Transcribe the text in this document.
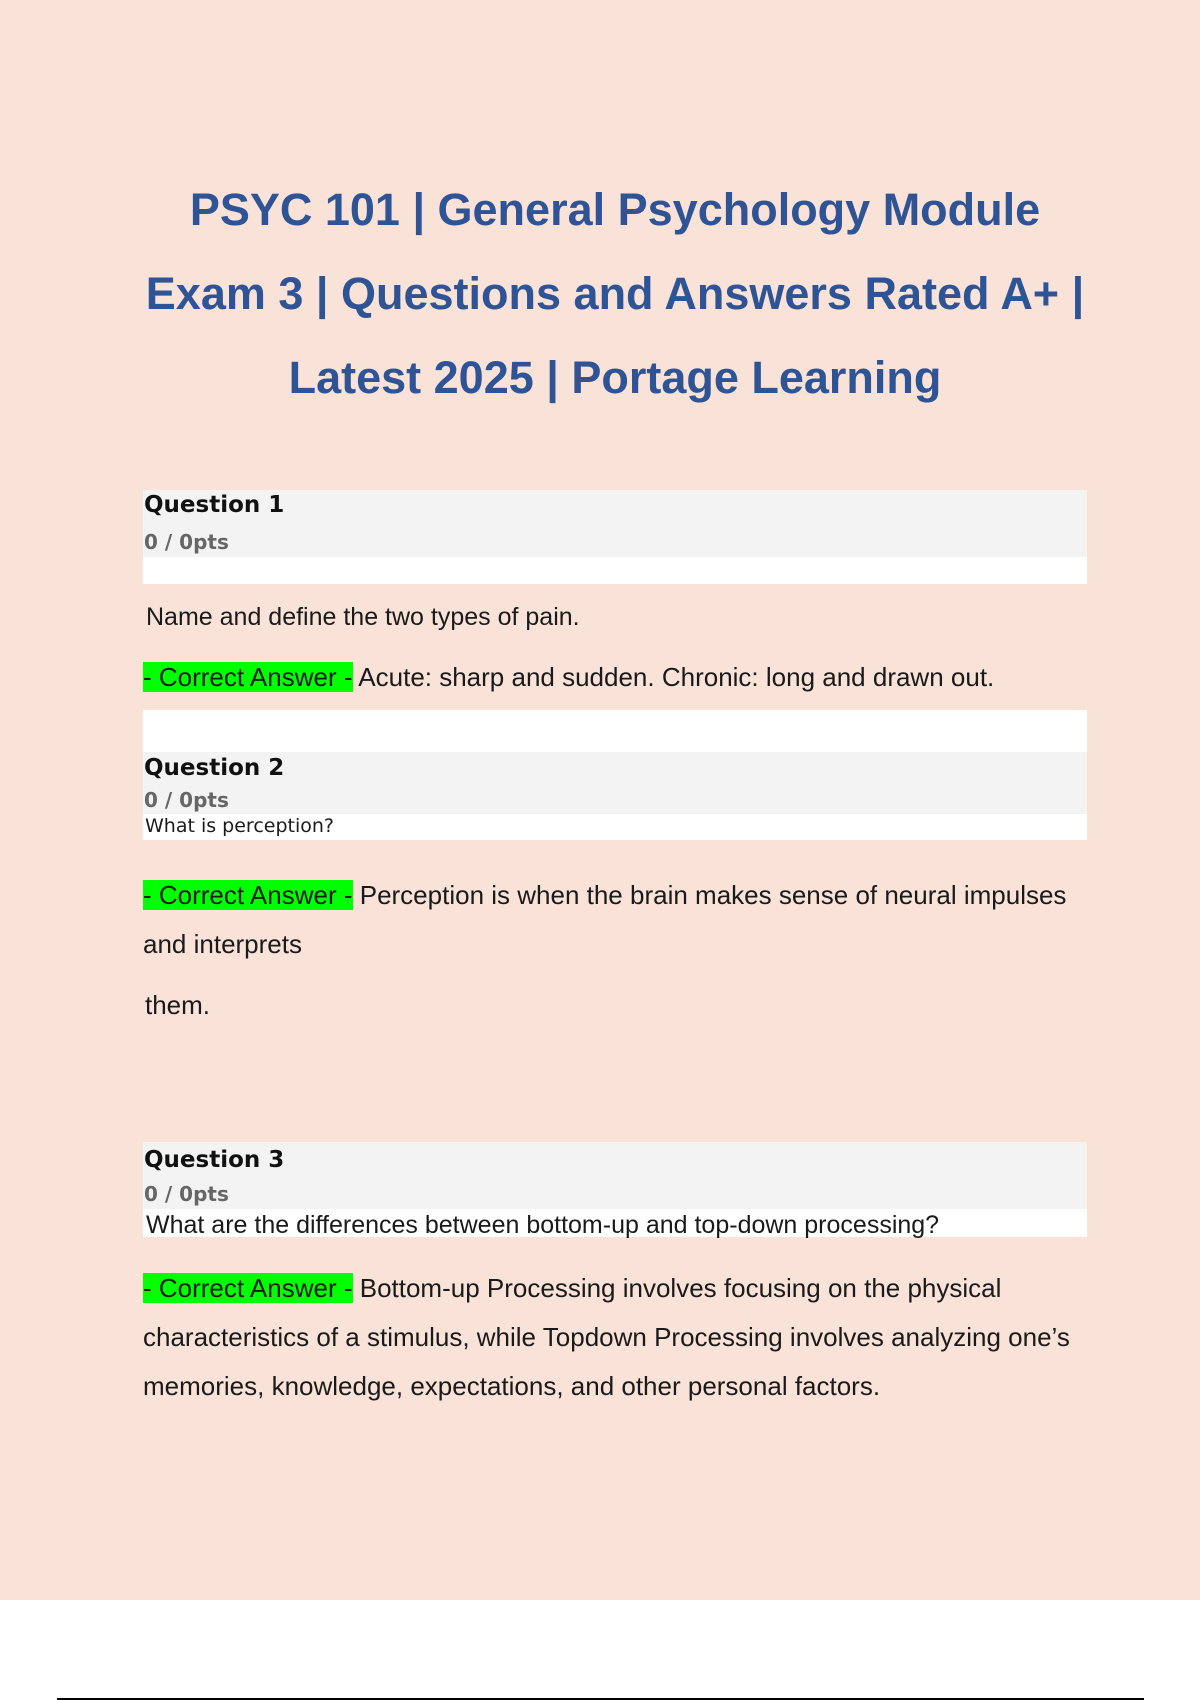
PSYC 101 | General Psychology Module Exam 3 | Questions and Answers Rated A+ | Latest 2025 | Portage Learning
Question 1
0 / 0pts
Name and define the two types of pain.

- Correct Answer - Acute: sharp and sudden. Chronic: long and drawn out.

Question 2
0 / 0pts
What is perception?

- Correct Answer - Perception is when the brain makes sense of neural impulses and interprets

them.
Question 3
0 / 0pts
What are the differences between bottom-up and top-down processing?

- Correct Answer - Bottom-up Processing involves focusing on the physical characteristics of a stimulus, while Topdown Processing involves analyzing one’s memories, knowledge, expectations, and other personal factors.
